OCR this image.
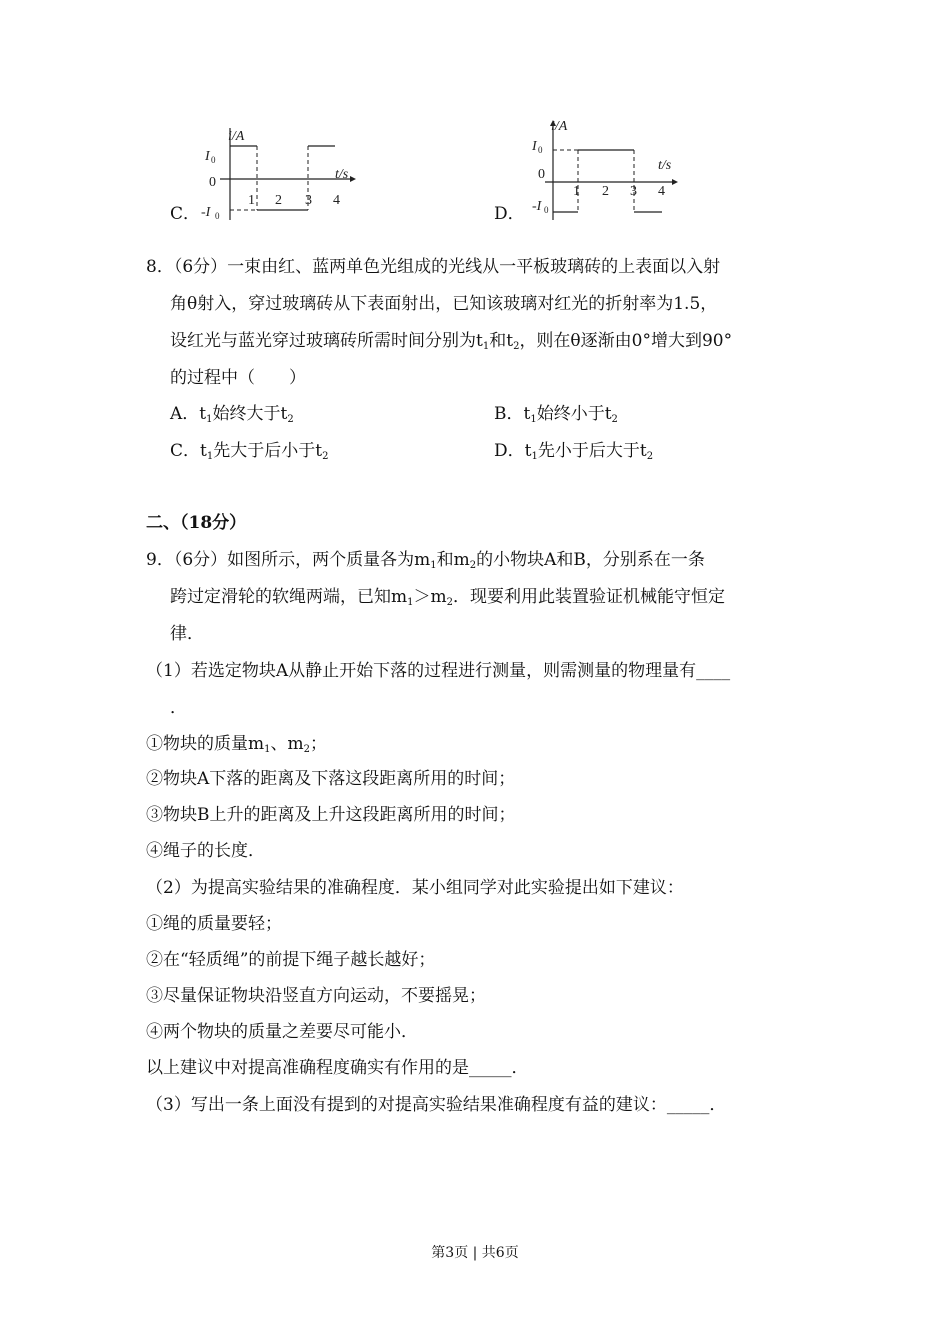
C．
i/A
I 0
0
-I 0
t/s
1 2 3 4
D．
i/A
I 0
0
-I 0
t/s
1 2 3 4
8．（6分）一束由红、蓝两单色光组成的光线从一平板玻璃砖的上表面以入射
角θ射入，穿过玻璃砖从下表面射出，已知该玻璃对红光的折射率为1.5，
设红光与蓝光穿过玻璃砖所需时间分别为$t_1$和$t_2$，则在θ逐渐由0°增大到90°
的过程中（　　）
A．$t_1$始终大于$t_2$	B．$t_1$始终小于$t_2$
C．$t_1$先大于后小于$t_2$	D．$t_1$先小于后大于$t_2$
二、（18分）
9．（6分）如图所示，两个质量各为$m_1$和$m_2$的小物块A和B，分别系在一条
跨过定滑轮的软绳两端，已知$m_1>m_2$．现要利用此装置验证机械能守恒定
律．
（1）若选定物块A从静止开始下落的过程进行测量，则需测量的物理量有____
．
①物块的质量$m_1$、$m_2$；
②物块A下落的距离及下落这段距离所用的时间；
③物块B上升的距离及上升这段距离所用的时间；
④绳子的长度．
（2）为提高实验结果的准确程度．某小组同学对此实验提出如下建议：
①绳的质量要轻；
②在“轻质绳”的前提下绳子越长越好；
③尽量保证物块沿竖直方向运动，不要摇晃；
④两个物块的质量之差要尽可能小．
以上建议中对提高准确程度确实有作用的是_____．
（3）写出一条上面没有提到的对提高实验结果准确程度有益的建议：_____．
第3页 | 共6页
